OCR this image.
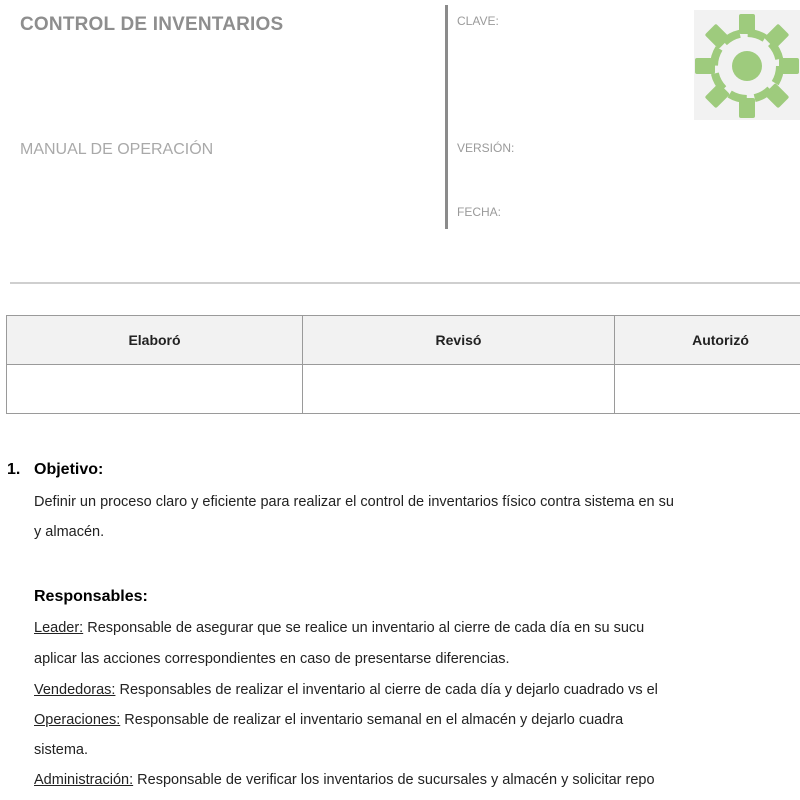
CONTROL DE INVENTARIOS
MANUAL DE OPERACIÓN
CLAVE:
VERSIÓN:
FECHA:
Elaboró	Revisó	Autorizó

1. Objetivo:
Definir un proceso claro y eficiente para realizar el control de inventarios físico contra sistema en su
y almacén.
Responsables:
Leader: Responsable de asegurar que se realice un inventario al cierre de cada día en su sucu
aplicar las acciones correspondientes en caso de presentarse diferencias.
Vendedoras: Responsables de realizar el inventario al cierre de cada día y dejarlo cuadrado vs el
Operaciones: Responsable de realizar el inventario semanal en el almacén y dejarlo cuadra
sistema.
Administración: Responsable de verificar los inventarios de sucursales y almacén y solicitar repo
